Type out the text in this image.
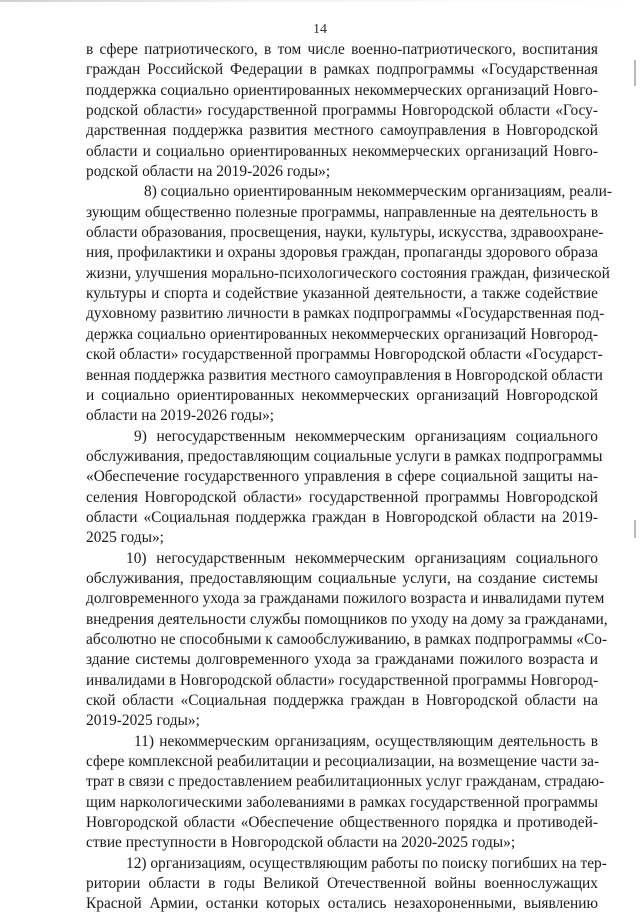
14
в сфере патриотического, в том числе военно-патриотического, воспитания
граждан Российской Федерации в рамках подпрограммы «Государственная
поддержка социально ориентированных некоммерческих организаций Новго-
родской области» государственной программы Новгородской области «Госу-
дарственная поддержка развития местного самоуправления в Новгородской
области и социально ориентированных некоммерческих организаций Новго-
родской области на 2019-2026 годы»;
8) социально ориентированным некоммерческим организациям, реали-
зующим общественно полезные программы, направленные на деятельность в
области образования, просвещения, науки, культуры, искусства, здравоохране-
ния, профилактики и охраны здоровья граждан, пропаганды здорового образа
жизни, улучшения морально-психологического состояния граждан, физической
культуры и спорта и содействие указанной деятельности, а также содействие
духовному развитию личности в рамках подпрограммы «Государственная под-
держка социально ориентированных некоммерческих организаций Новгород-
ской области» государственной программы Новгородской области «Государст-
венная поддержка развития местного самоуправления в Новгородской области
и социально ориентированных некоммерческих организаций Новгородской
области на 2019-2026 годы»;
9) негосударственным некоммерческим организациям социального
обслуживания, предоставляющим социальные услуги в рамках подпрограммы
«Обеспечение государственного управления в сфере социальной защиты на-
селения Новгородской области» государственной программы Новгородской
области «Социальная поддержка граждан в Новгородской области на 2019-
2025 годы»;
10) негосударственным некоммерческим организациям социального
обслуживания, предоставляющим социальные услуги, на создание системы
долговременного ухода за гражданами пожилого возраста и инвалидами путем
внедрения деятельности службы помощников по уходу на дому за гражданами,
абсолютно не способными к самообслуживанию, в рамках подпрограммы «Со-
здание системы долговременного ухода за гражданами пожилого возраста и
инвалидами в Новгородской области» государственной программы Новгород-
ской области «Социальная поддержка граждан в Новгородской области на
2019-2025 годы»;
11) некоммерческим организациям, осуществляющим деятельность в
сфере комплексной реабилитации и ресоциализации, на возмещение части за-
трат в связи с предоставлением реабилитационных услуг гражданам, страдаю-
щим наркологическими заболеваниями в рамках государственной программы
Новгородской области «Обеспечение общественного порядка и противодей-
ствие преступности в Новгородской области на 2020-2025 годы»;
12) организациям, осуществляющим работы по поиску погибших на тер-
ритории области в годы Великой Отечественной войны военнослужащих
Красной Армии, останки которых остались незахороненными, выявлению
